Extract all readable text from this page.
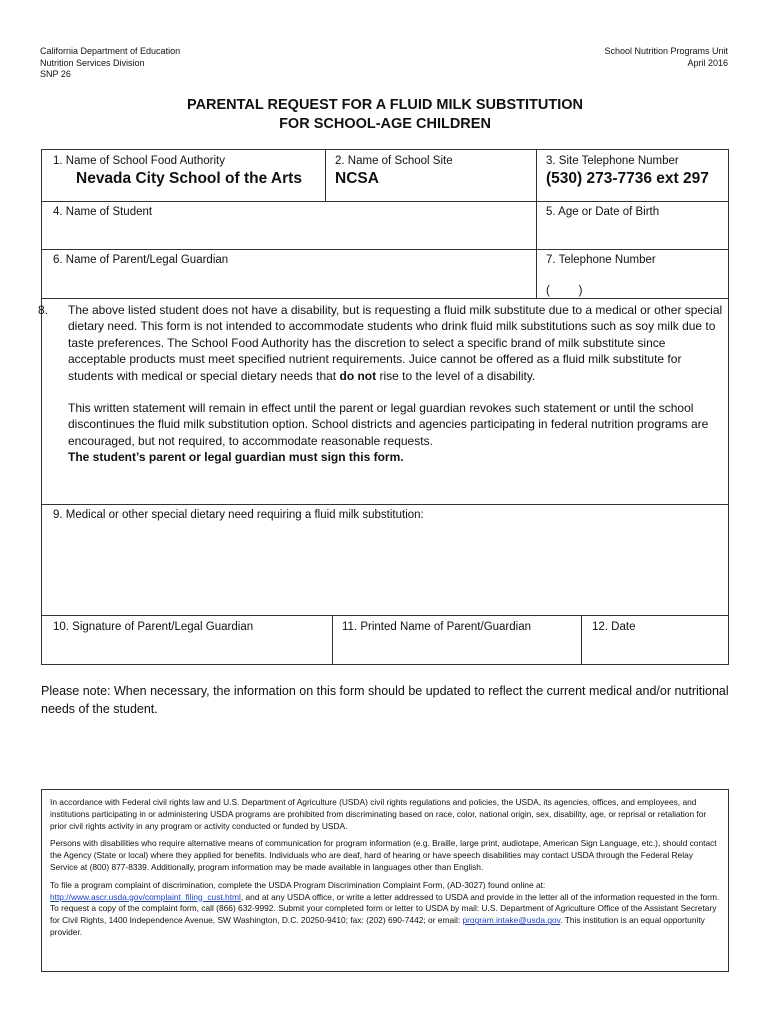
California Department of Education
Nutrition Services Division
SNP 26
School Nutrition Programs Unit
April 2016
PARENTAL REQUEST FOR A FLUID MILK SUBSTITUTION
FOR SCHOOL-AGE CHILDREN
1. Name of School Food Authority
Nevada City School of the Arts
2. Name of School Site
NCSA
3. Site Telephone Number
(530) 273-7736 ext 297
4. Name of Student	5. Age or Date of Birth
6. Name of Parent/Legal Guardian	7. Telephone Number
(         )

8. The above listed student does not have a disability, but is requesting a fluid milk substitute due to a medical or other special dietary need. This form is not intended to accommodate students who drink fluid milk substitutions such as soy milk due to taste preferences. The School Food Authority has the discretion to select a specific brand of milk substitute since acceptable products must meet specified nutrient requirements. Juice cannot be offered as a fluid milk substitute for students with medical or special dietary needs that do not rise to the level of a disability.

This written statement will remain in effect until the parent or legal guardian revokes such statement or until the school discontinues the fluid milk substitution option. School districts and agencies participating in federal nutrition programs are encouraged, but not required, to accommodate reasonable requests.
The student’s parent or legal guardian must sign this form.

9. Medical or other special dietary need requiring a fluid milk substitution:
10. Signature of Parent/Legal Guardian	11. Printed Name of Parent/Guardian	12. Date
Please note: When necessary, the information on this form should be updated to reflect the current medical and/or nutritional needs of the student.

In accordance with Federal civil rights law and U.S. Department of Agriculture (USDA) civil rights regulations and policies, the USDA, its agencies, offices, and employees, and institutions participating in or administering USDA programs are prohibited from discriminating based on race, color, national origin, sex, disability, age, or reprisal or retaliation for prior civil rights activity in any program or activity conducted or funded by USDA.

Persons with disabilities who require alternative means of communication for program information (e.g. Braille, large print, audiotape, American Sign Language, etc.), should contact the Agency (State or local) where they applied for benefits. Individuals who are deaf, hard of hearing or have speech disabilities may contact USDA through the Federal Relay Service at (800) 877-8339. Additionally, program information may be made available in languages other than English.

To file a program complaint of discrimination, complete the USDA Program Discrimination Complaint Form, (AD-3027) found online at: http://www.ascr.usda.gov/complaint_filing_cust.html, and at any USDA office, or write a letter addressed to USDA and provide in the letter all of the information requested in the form. To request a copy of the complaint form, call (866) 632-9992. Submit your completed form or letter to USDA by mail: U.S. Department of Agriculture Office of the Assistant Secretary for Civil Rights, 1400 Independence Avenue, SW Washington, D.C. 20250-9410; fax: (202) 690-7442; or email: program.intake@usda.gov. This institution is an equal opportunity provider.
